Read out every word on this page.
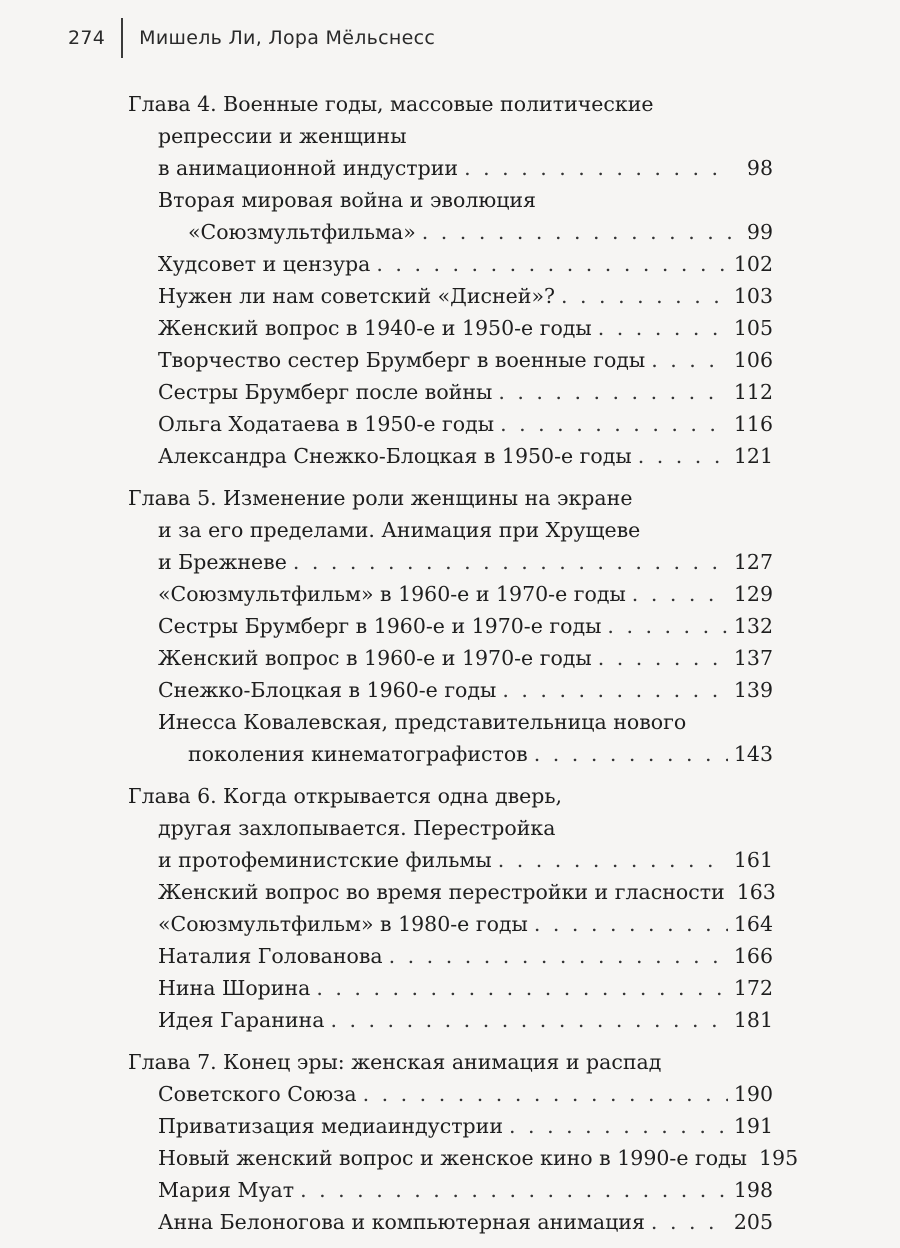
274 Мишель Ли, Лора Мёльснесс
Глава 4. Военные годы, массовые политические
репрессии и женщины
в анимационной индустрии . . .	98
Вторая мировая война и эволюция
«Союзмультфильма» . . .	99
Худсовет и цензура . . .	102
Нужен ли нам советский «Дисней»? . . .	103
Женский вопрос в 1940-е и 1950-е годы . . .	105
Творчество сестер Брумберг в военные годы . . .	106
Сестры Брумберг после войны . . .	112
Ольга Ходатаева в 1950-е годы . . .	116
Александра Снежко-Блоцкая в 1950-е годы . . .	121
Глава 5. Изменение роли женщины на экране
и за его пределами. Анимация при Хрущеве
и Брежневе . . .	127
«Союзмультфильм» в 1960-е и 1970-е годы . . .	129
Сестры Брумберг в 1960-е и 1970-е годы . . .	132
Женский вопрос в 1960-е и 1970-е годы . . .	137
Снежко-Блоцкая в 1960-е годы . . .	139
Инесса Ковалевская, представительница нового
поколения кинематографистов . . .	143
Глава 6. Когда открывается одна дверь,
другая захлопывается. Перестройка
и протофеминистские фильмы . . .	161
Женский вопрос во время перестройки и гласности 163
«Союзмультфильм» в 1980-е годы . . .	164
Наталия Голованова . . .	166
Нина Шорина . . .	172
Идея Гаранина . . .	181
Глава 7. Конец эры: женская анимация и распад
Советского Союза . . .	190
Приватизация медиаиндустрии . . .	191
Новый женский вопрос и женское кино в 1990-е годы 195
Мария Муат . . .	198
Анна Белоногова и компьютерная анимация . . .	205
